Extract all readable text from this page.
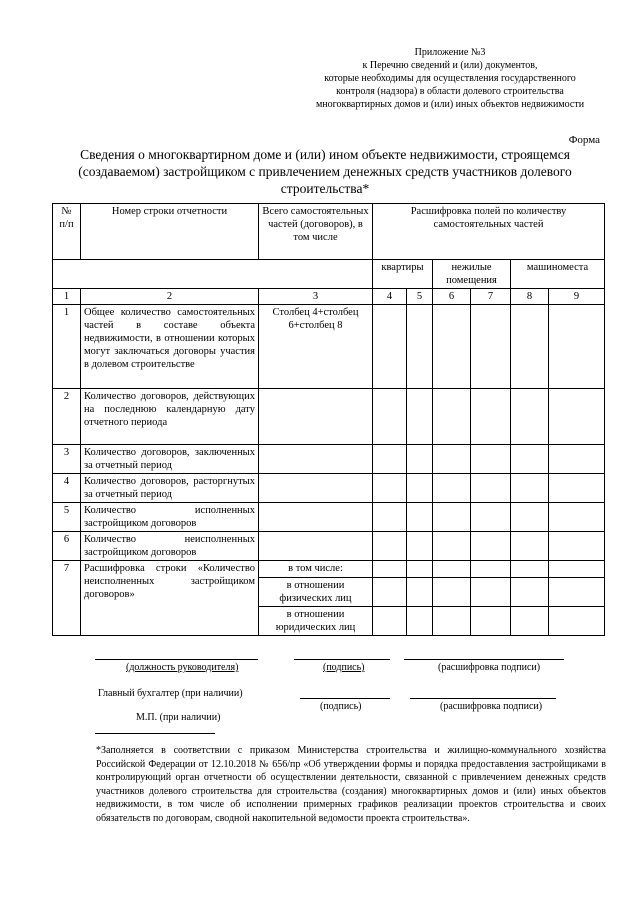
Приложение №3
к Перечню сведений и (или) документов,
которые необходимы для осуществления государственного
контроля (надзора) в области долевого строительства
многоквартирных домов и (или) иных объектов недвижимости
Форма
Сведения о многоквартирном доме и (или) ином объекте недвижимости, строящемся (создаваемом) застройщиком с привлечением денежных средств участников долевого строительства*
№ п/п	Номер строки отчетности	Всего самостоятельных частей (договоров), в том числе	Расшифровка полей по количеству самостоятельных частей					
			квартиры		нежилые помещения		машиноместа	
1	2	3	4	5	6	7	8	9
1	Общее количество самостоятельных частей в составе объекта недвижимости, в отношении которых могут заключаться договоры участия в долевом строительстве	Столбец 4+столбец 6+столбец 8						
2	Количество договоров, действующих на последнюю календарную дату отчетного периода							
3	Количество договоров, заключенных за отчетный период							
4	Количество договоров, расторгнутых за отчетный период							
5	Количество исполненных застройщиком договоров							
6	Количество неисполненных застройщиком договоров							
7	Расшифровка строки «Количество неисполненных застройщиком договоров»	в том числе:						
		в отношении физических лиц						
		в отношении юридических лиц						
(должность руководителя)	(подпись)	(расшифровка подписи)
Главный бухгалтер (при наличии)
(подпись)	(расшифровка подписи)
М.П. (при наличии)
*Заполняется в соответствии с приказом Министерства строительства и жилищно-коммунального хозяйства Российской Федерации от 12.10.2018 № 656/пр «Об утверждении формы и порядка предоставления застройщиками в контролирующий орган отчетности об осуществлении деятельности, связанной с привлечением денежных средств участников долевого строительства для строительства (создания) многоквартирных домов и (или) иных объектов недвижимости, в том числе об исполнении примерных графиков реализации проектов строительства и своих обязательств по договорам, сводной накопительной ведомости проекта строительства».
